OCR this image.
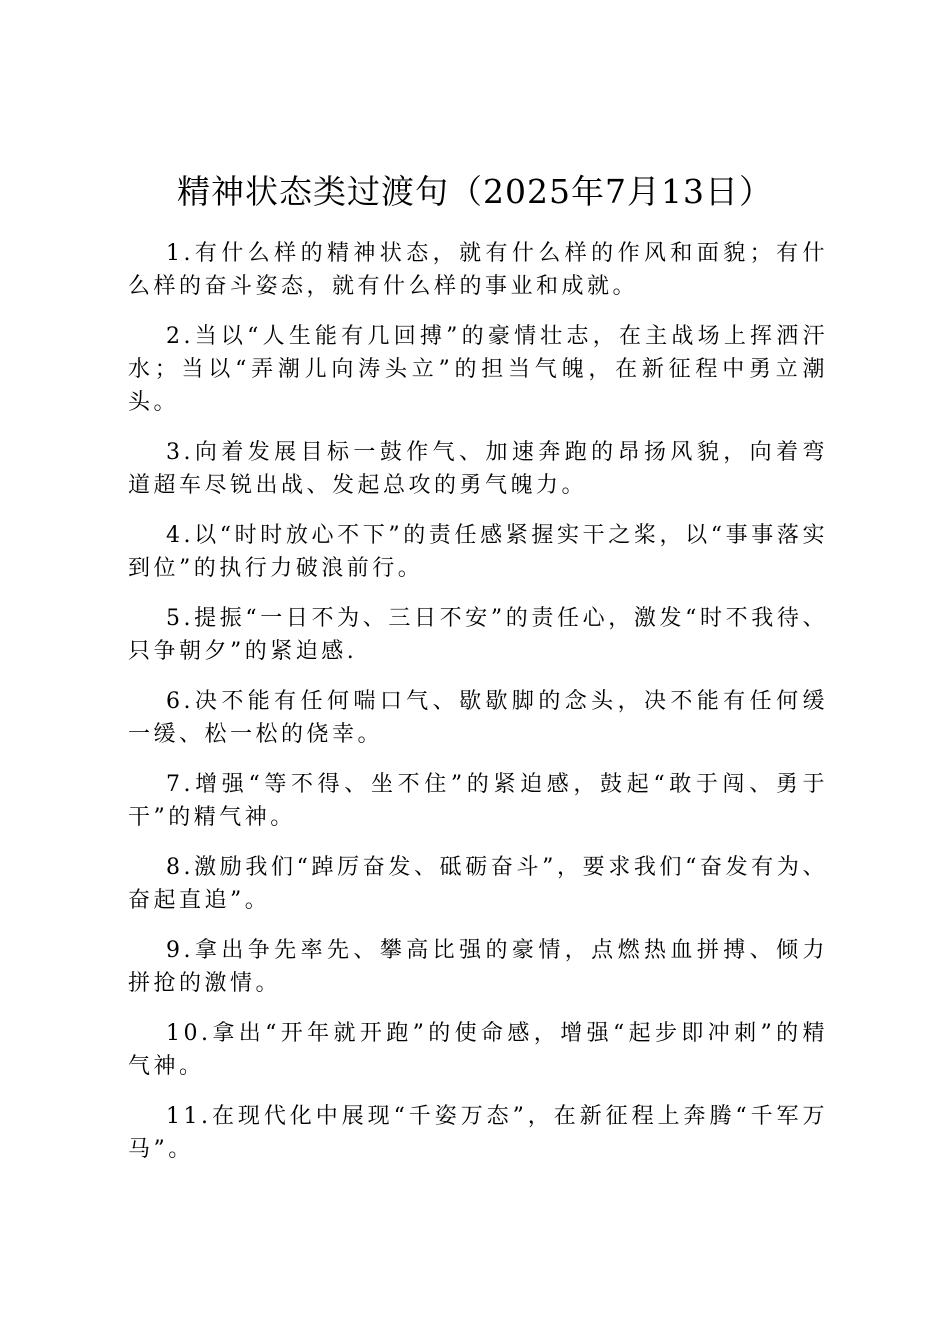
精神状态类过渡句（2025年7月13日）

1.有什么样的精神状态，就有什么样的作风和面貌；有什么样的奋斗姿态，就有什么样的事业和成就。

2.当以“人生能有几回搏”的豪情壮志，在主战场上挥洒汗水；当以“弄潮儿向涛头立”的担当气魄，在新征程中勇立潮头。

3.向着发展目标一鼓作气、加速奔跑的昂扬风貌，向着弯道超车尽锐出战、发起总攻的勇气魄力。

4.以“时时放心不下”的责任感紧握实干之桨，以“事事落实到位”的执行力破浪前行。

5.提振“一日不为、三日不安”的责任心，激发“时不我待、只争朝夕”的紧迫感.

6.决不能有任何喘口气、歇歇脚的念头，决不能有任何缓一缓、松一松的侥幸。

7.增强“等不得、坐不住”的紧迫感，鼓起“敢于闯、勇于干”的精气神。

8.激励我们“踔厉奋发、砥砺奋斗”，要求我们“奋发有为、奋起直追”。

9.拿出争先率先、攀高比强的豪情，点燃热血拼搏、倾力拼抢的激情。

10.拿出“开年就开跑”的使命感，增强“起步即冲刺”的精气神。

11.在现代化中展现“千姿万态”，在新征程上奔腾“千军万马”。
